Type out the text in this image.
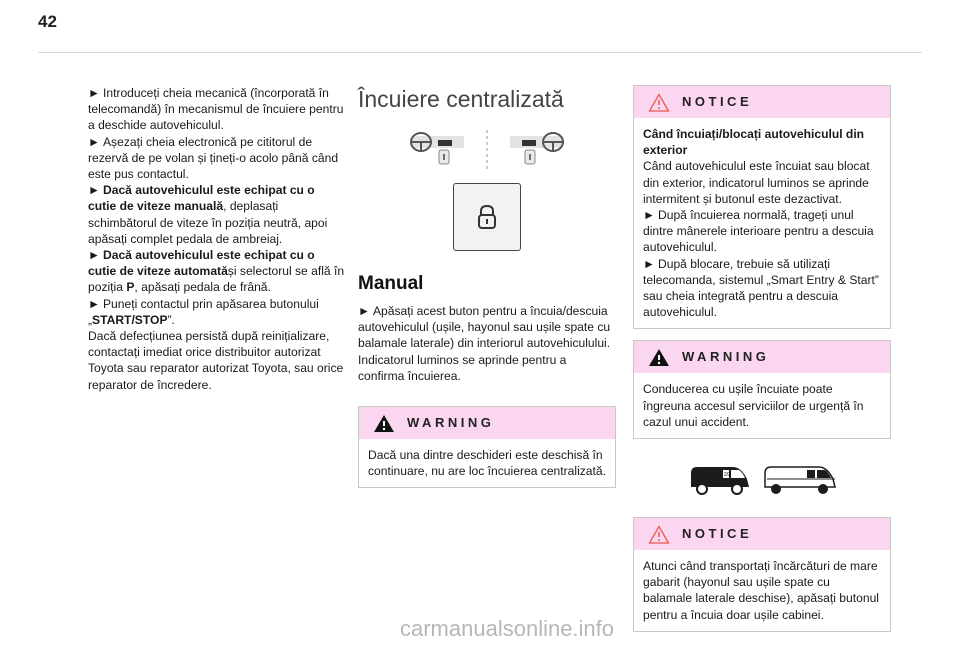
42

► Introduceți cheia mecanică (încorporată în telecomandă) în mecanismul de încuiere pentru a deschide autovehiculul.

► Așezați cheia electronică pe cititorul de rezervă de pe volan și țineți-o acolo până când este pus contactul.

► Dacă autovehiculul este echipat cu o cutie de viteze manuală, deplasați schimbătorul de viteze în poziția neutră, apoi apăsați complet pedala de ambreiaj.

► Dacă autovehiculul este echipat cu o cutie de viteze automatăși selectorul se află în poziția P, apăsați pedala de frână.

► Puneți contactul prin apăsarea butonului „START/STOP”.

Dacă defecțiunea persistă după reinițializare, contactați imediat orice distribuitor autorizat Toyota sau reparator autorizat Toyota, sau orice reparator de încredere.

Încuiere centralizată
Manual

► Apăsați acest buton pentru a încuia/descuia autovehiculul (ușile, hayonul sau ușile spate cu balamale laterale) din interiorul autovehiculului.

Indicatorul luminos se aprinde pentru a confirma încuierea.

WARNING

Dacă una dintre deschideri este deschisă în continuare, nu are loc încuierea centralizată.

NOTICE

Când încuiați/blocați autovehiculul din exterior

Când autovehiculul este încuiat sau blocat din exterior, indicatorul luminos se aprinde intermitent și butonul este dezactivat.

► După încuierea normală, trageți unul dintre mânerele interioare pentru a descuia autovehiculul.

► După blocare, trebuie să utilizați telecomanda, sistemul „Smart Entry & Start” sau cheia integrată pentru a descuia autovehiculul.

WARNING

Conducerea cu ușile încuiate poate îngreuna accesul serviciilor de urgență în cazul unui accident.

2/3
NOTICE

Atunci când transportați încărcături de mare gabarit (hayonul sau ușile spate cu balamale laterale deschise), apăsați butonul pentru a încuia doar ușile cabinei.

carmanualsonline.info
